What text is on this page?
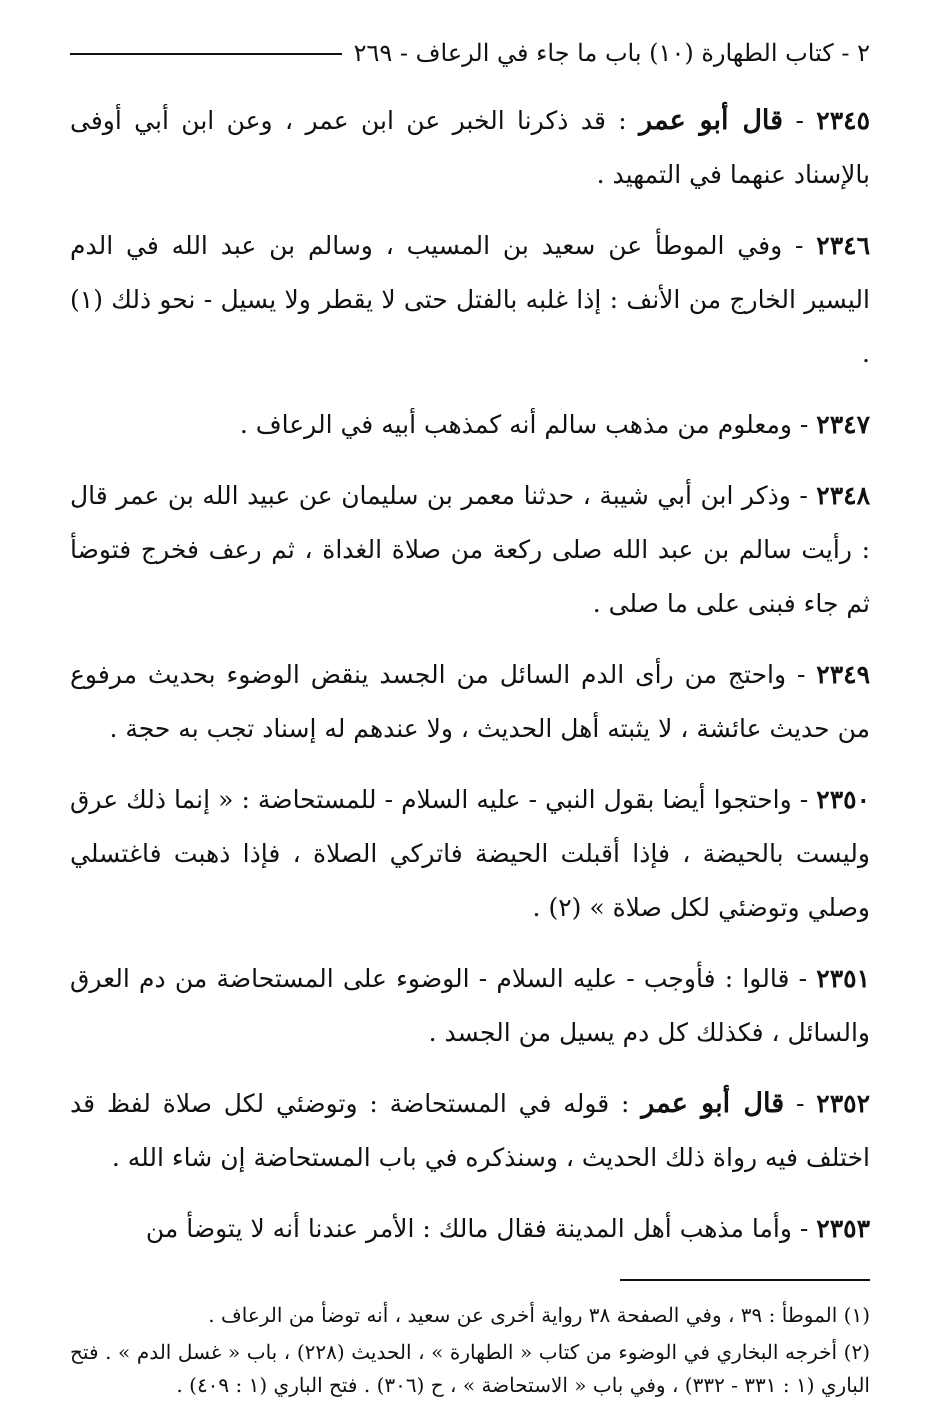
٢ - كتاب الطهارة (١٠) باب ما جاء في الرعاف - ٢٦٩

٢٣٤٥ - قال أبو عمر : قد ذكرنا الخبر عن ابن عمر ، وعن ابن أبي أوفى بالإسناد عنهما في التمهيد .

٢٣٤٦ - وفي الموطأ عن سعيد بن المسيب ، وسالم بن عبد الله في الدم اليسير الخارج من الأنف : إذا غلبه بالفتل حتى لا يقطر ولا يسيل - نحو ذلك (١) .

٢٣٤٧ - ومعلوم من مذهب سالم أنه كمذهب أبيه في الرعاف .

٢٣٤٨ - وذكر ابن أبي شيبة ، حدثنا معمر بن سليمان عن عبيد الله بن عمر قال : رأيت سالم بن عبد الله صلى ركعة من صلاة الغداة ، ثم رعف فخرج فتوضأ ثم جاء فبنى على ما صلى .

٢٣٤٩ - واحتج من رأى الدم السائل من الجسد ينقض الوضوء بحديث مرفوع من حديث عائشة ، لا يثبته أهل الحديث ، ولا عندهم له إسناد تجب به حجة .

٢٣٥٠ - واحتجوا أيضا بقول النبي - عليه السلام - للمستحاضة : « إنما ذلك عرق وليست بالحيضة ، فإذا أقبلت الحيضة فاتركي الصلاة ، فإذا ذهبت فاغتسلي وصلي وتوضئي لكل صلاة » (٢) .

٢٣٥١ - قالوا : فأوجب - عليه السلام - الوضوء على المستحاضة من دم العرق والسائل ، فكذلك كل دم يسيل من الجسد .

٢٣٥٢ - قال أبو عمر : قوله في المستحاضة : وتوضئي لكل صلاة لفظ قد اختلف فيه رواة ذلك الحديث ، وسنذكره في باب المستحاضة إن شاء الله .

٢٣٥٣ - وأما مذهب أهل المدينة فقال مالك : الأمر عندنا أنه لا يتوضأ من

(١) الموطأ : ٣٩ ، وفي الصفحة ٣٨ رواية أخرى عن سعيد ، أنه توضأ من الرعاف .

(٢) أخرجه البخاري في الوضوء من كتاب « الطهارة » ، الحديث (٢٢٨) ، باب « غسل الدم » . فتح الباري (١ : ٣٣١ - ٣٣٢) ، وفي باب « الاستحاضة » ، ح (٣٠٦) . فتح الباري (١ : ٤٠٩) .
